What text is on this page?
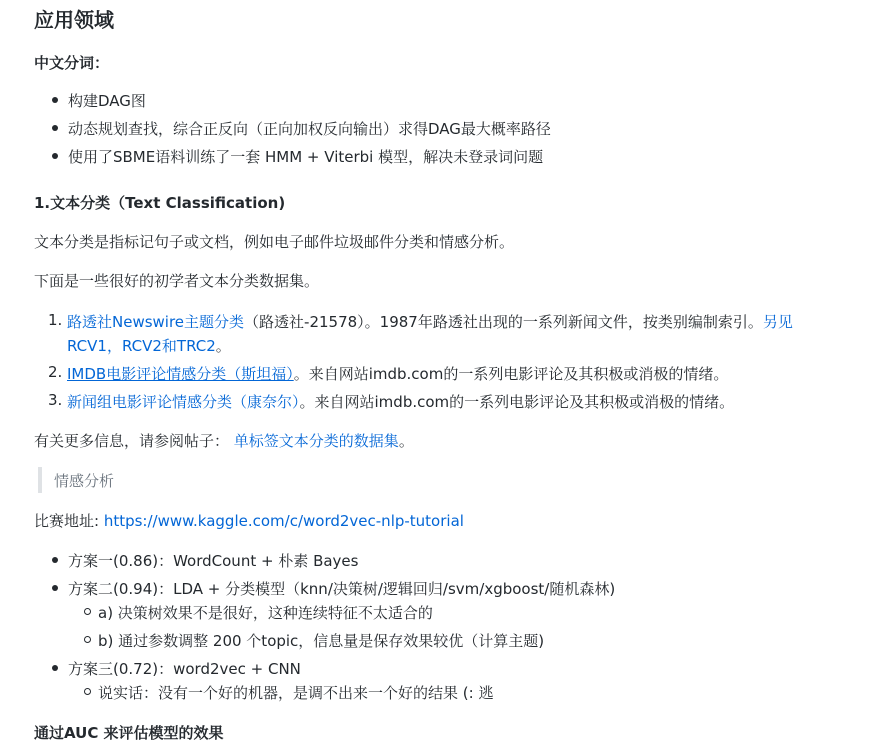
应用领域
中文分词：
构建DAG图
动态规划查找，综合正反向（正向加权反向输出）求得DAG最大概率路径
使用了SBME语料训练了一套 HMM + Viterbi 模型，解决未登录词问题
1.文本分类（Text Classification)

文本分类是指标记句子或文档，例如电子邮件垃圾邮件分类和情感分析。

下面是一些很好的初学者文本分类数据集。

1. 路透社Newswire主题分类（路透社-21578）。1987年路透社出现的一系列新闻文件，按类别编制索引。另见
RCV1，RCV2和TRC2。
2. IMDB电影评论情感分类（斯坦福）。来自网站imdb.com的一系列电影评论及其积极或消极的情绪。
3. 新闻组电影评论情感分类（康奈尔）。来自网站imdb.com的一系列电影评论及其积极或消极的情绪。

有关更多信息，请参阅帖子： 单标签文本分类的数据集。

情感分析

比赛地址: https://www.kaggle.com/c/word2vec-nlp-tutorial

方案一(0.86)：WordCount + 朴素 Bayes
方案二(0.94)：LDA + 分类模型（knn/决策树/逻辑回归/svm/xgboost/随机森林)
a) 决策树效果不是很好，这种连续特征不太适合的
b) 通过参数调整 200 个topic，信息量是保存效果较优（计算主题)
方案三(0.72)：word2vec + CNN
说实话：没有一个好的机器，是调不出来一个好的结果 (: 逃
通过AUC 来评估模型的效果
